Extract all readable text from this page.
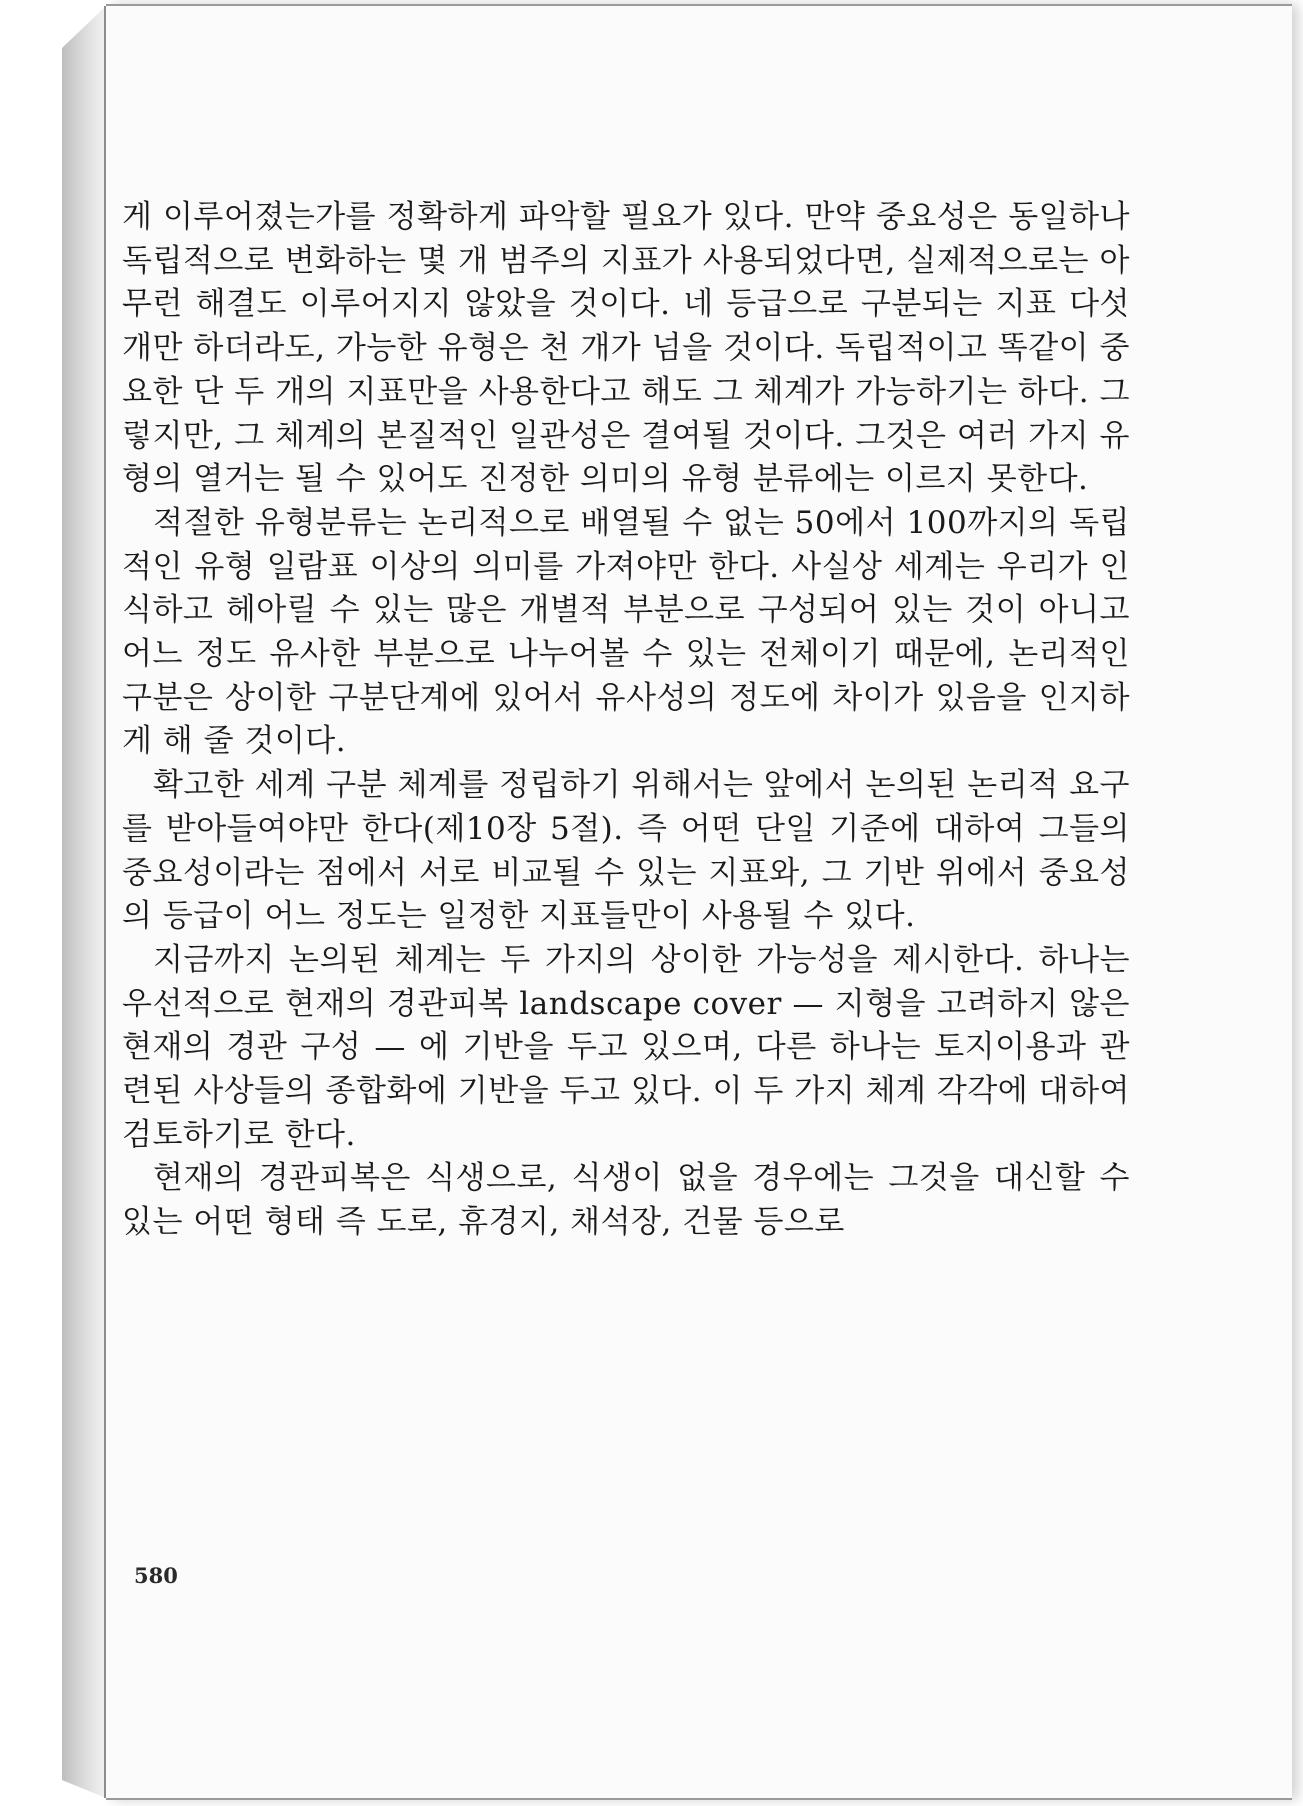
게 이루어졌는가를 정확하게 파악할 필요가 있다. 만약 중요성은 동일하나 독립적으로 변화하는 몇 개 범주의 지표가 사용되었다면, 실제적으로는 아무런 해결도 이루어지지 않았을 것이다. 네 등급으로 구분되는 지표 다섯 개만 하더라도, 가능한 유형은 천 개가 넘을 것이다. 독립적이고 똑같이 중요한 단 두 개의 지표만을 사용한다고 해도 그 체계가 가능하기는 하다. 그렇지만, 그 체계의 본질적인 일관성은 결여될 것이다. 그것은 여러 가지 유형의 열거는 될 수 있어도 진정한 의미의 유형 분류에는 이르지 못한다.

적절한 유형분류는 논리적으로 배열될 수 없는 50에서 100까지의 독립적인 유형 일람표 이상의 의미를 가져야만 한다. 사실상 세계는 우리가 인식하고 헤아릴 수 있는 많은 개별적 부분으로 구성되어 있는 것이 아니고 어느 정도 유사한 부분으로 나누어볼 수 있는 전체이기 때문에, 논리적인 구분은 상이한 구분단계에 있어서 유사성의 정도에 차이가 있음을 인지하게 해 줄 것이다.

확고한 세계 구분 체계를 정립하기 위해서는 앞에서 논의된 논리적 요구를 받아들여야만 한다(제10장 5절). 즉 어떤 단일 기준에 대하여 그들의 중요성이라는 점에서 서로 비교될 수 있는 지표와, 그 기반 위에서 중요성의 등급이 어느 정도는 일정한 지표들만이 사용될 수 있다.

지금까지 논의된 체계는 두 가지의 상이한 가능성을 제시한다. 하나는 우선적으로 현재의 경관피복 landscape cover — 지형을 고려하지 않은 현재의 경관 구성 — 에 기반을 두고 있으며, 다른 하나는 토지이용과 관련된 사상들의 종합화에 기반을 두고 있다. 이 두 가지 체계 각각에 대하여 검토하기로 한다.

현재의 경관피복은 식생으로, 식생이 없을 경우에는 그것을 대신할 수 있는 어떤 형태 즉 도로, 휴경지, 채석장, 건물 등으로

580
